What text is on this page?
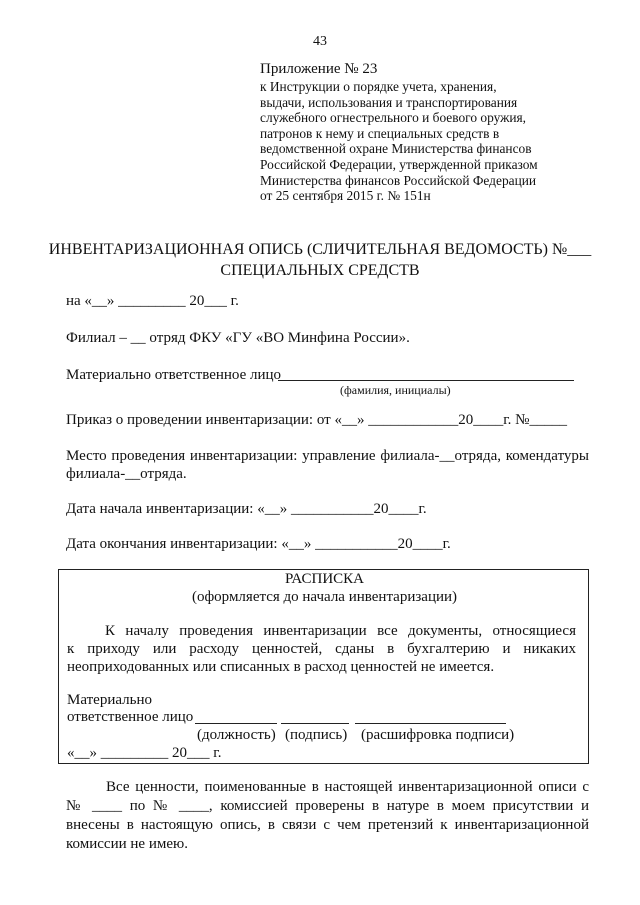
43
Приложение № 23
к Инструкции о порядке учета, хранения,
выдачи, использования и транспортирования
служебного огнестрельного и боевого оружия,
патронов к нему и специальных средств в
ведомственной охране Министерства финансов
Российской Федерации, утвержденной приказом
Министерства финансов Российской Федерации
от 25 сентября 2015 г. № 151н
ИНВЕНТАРИЗАЦИОННАЯ ОПИСЬ (СЛИЧИТЕЛЬНАЯ ВЕДОМОСТЬ) №___
СПЕЦИАЛЬНЫХ СРЕДСТВ
на «__» _________ 20___ г.
Филиал – __ отряд ФКУ «ГУ «ВО Минфина России».
Материально ответственное лицо
(фамилия, инициалы)
Приказ о проведении инвентаризации: от «__» ____________20____г. №_____
Место проведения инвентаризации: управление филиала-__отряда, комендатуры
филиала-__отряда.
Дата начала инвентаризации: «__» ___________20____г.
Дата окончания инвентаризации: «__» ___________20____г.
РАСПИСКА
(оформляется до начала инвентаризации)
К началу проведения инвентаризации все документы, относящиеся
к приходу или расходу ценностей, сданы в бухгалтерию и никаких
неоприходованных или списанных в расход ценностей не имеется.
Материально
ответственное лицо
(должность) (подпись) (расшифровка подписи)
«__» _________ 20___ г.
Все ценности, поименованные в настоящей инвентаризационной описи с
№ ____ по № ____, комиссией проверены в натуре в моем присутствии и
внесены в настоящую опись, в связи с чем претензий к инвентаризационной
комиссии не имею.
